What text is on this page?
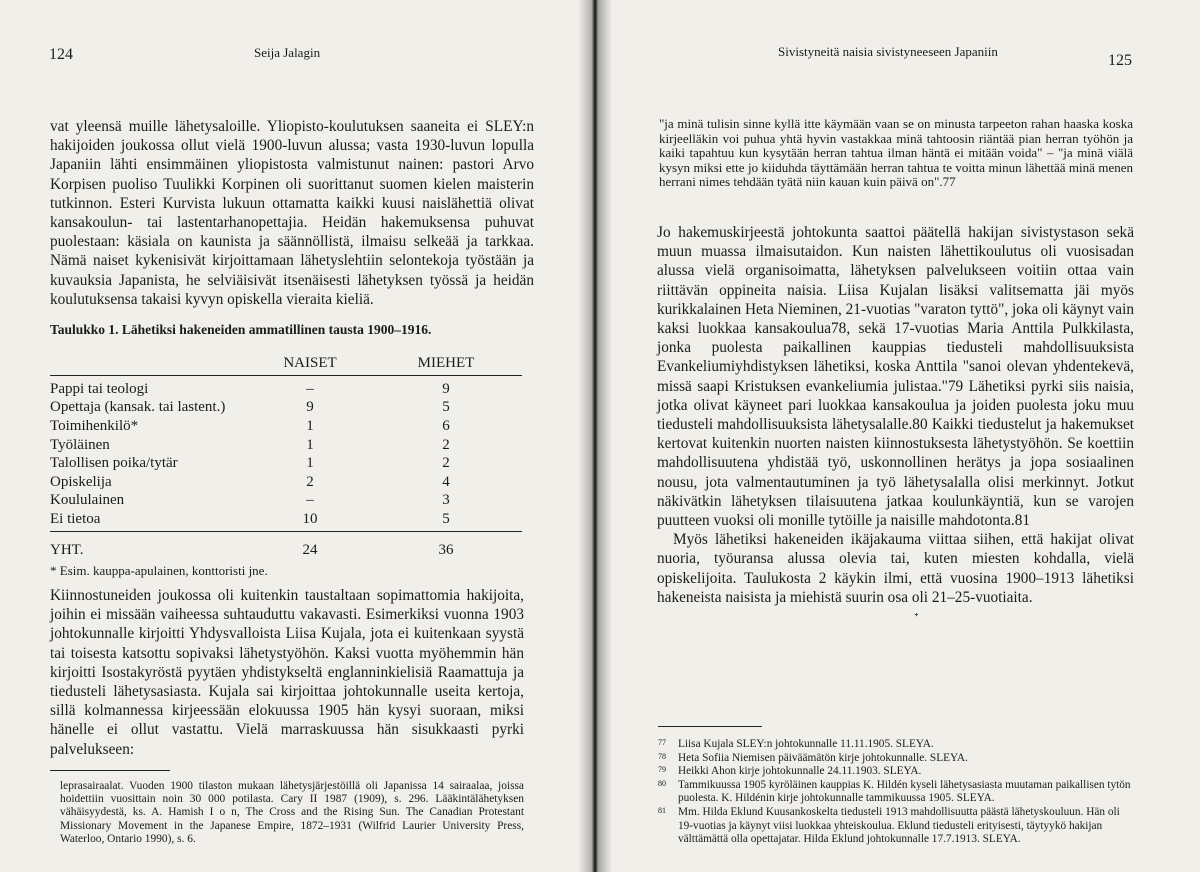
124	Seija Jalagin

vat yleensä muille lähetysaloille. Yliopisto-koulutuksen saaneita ei SLEY:n hakijoiden joukossa ollut vielä 1900-luvun alussa; vasta 1930-luvun lopulla Japaniin lähti ensimmäinen yliopistosta valmistunut nainen: pastori Arvo Korpisen puoliso Tuulikki Korpinen oli suorittanut suomen kielen maisterin tutkinnon. Esteri Kurvista lukuun ottamatta kaikki kuusi naislähettiä olivat kansakoulun- tai lastentarhanopettajia. Heidän hakemuksensa puhuvat puolestaan: käsiala on kaunista ja säännöllistä, ilmaisu selkeää ja tarkkaa. Nämä naiset kykenisivät kirjoittamaan lähetyslehtiin selontekoja työstään ja kuvauksia Japanista, he selviäisivät itsenäisesti lähetyksen työssä ja heidän koulutuksensa takaisi kyvyn opiskella vieraita kieliä.

Taulukko 1. Lähetiksi hakeneiden ammatillinen tausta 1900–1916.
	NAISET	MIEHET

Pappi tai teologi	–	9
Opettaja (kansak. tai lastent.)	9	5
Toimihenkilö*	1	6
Työläinen	1	2
Talollisen poika/tytär	1	2
Opiskelija	2	4
Koululainen	–	3
Ei tietoa	10	5

YHT.	24	36
* Esim. kauppa-apulainen, konttoristi jne.

Kiinnostuneiden joukossa oli kuitenkin taustaltaan sopimattomia hakijoita, joihin ei missään vaiheessa suhtauduttu vakavasti. Esimerkiksi vuonna 1903 johtokunnalle kirjoitti Yhdysvalloista Liisa Kujala, jota ei kuitenkaan syystä tai toisesta katsottu sopivaksi lähetystyöhön. Kaksi vuotta myöhemmin hän kirjoitti Isostakyröstä pyytäen yhdistykseltä englanninkielisiä Raamattuja ja tiedusteli lähetysasiasta. Kujala sai kirjoittaa johtokunnalle useita kertoja, sillä kolmannessa kirjeessään elokuussa 1905 hän kysyi suoraan, miksi hänelle ei ollut vastattu. Vielä marraskuussa hän sisukkaasti pyrki palvelukseen:

leprasairaalat. Vuoden 1900 tilaston mukaan lähetysjärjestöillä oli Japanissa 14 sairaalaa, joissa hoidettiin vuosittain noin 30 000 potilasta. Cary II 1987 (1909), s. 296. Lääkintälähetyksen vähäisyydestä, ks. A. Hamish I o n, The Cross and the Rising Sun. The Canadian Protestant Missionary Movement in the Japanese Empire, 1872–1931 (Wilfrid Laurier University Press, Waterloo, Ontario 1990), s. 6.
Sivistyneitä naisia sivistyneeseen Japaniin
125
"ja minä tulisin sinne kyllä itte käymään vaan se on minusta tarpeeton rahan haaska koska kirjeelläkin voi puhua yhtä hyvin vastakkaa minä tahtoosin riäntää pian herran työhön ja kaiki tapahtuu kun kysytään herran tahtua ilman häntä ei mitään voida" – "ja minä viälä kysyn miksi ette jo kiiduhda täyttämään herran tahtua te voitta minun lähettää minä menen herrani nimes tehdään tyätä niin kauan kuin päivä on".77

Jo hakemuskirjeestä johtokunta saattoi päätellä hakijan sivistystason sekä muun muassa ilmaisutaidon. Kun naisten lähettikoulutus oli vuosisadan alussa vielä organisoimatta, lähetyksen palvelukseen voitiin ottaa vain riittävän oppineita naisia. Liisa Kujalan lisäksi valitsematta jäi myös kurikkalainen Heta Nieminen, 21-vuotias "varaton tyttö", joka oli käynyt vain kaksi luokkaa kansakoulua78, sekä 17-vuotias Maria Anttila Pulkkilasta, jonka puolesta paikallinen kauppias tiedusteli mahdollisuuksista Evankeliumiyhdistyksen lähetiksi, koska Anttila "sanoi olevan yhdentekevä, missä saapi Kristuksen evankeliumia julistaa."79 Lähetiksi pyrki siis naisia, jotka olivat käyneet pari luokkaa kansakoulua ja joiden puolesta joku muu tiedusteli mahdollisuuksista lähetysalalle.80 Kaikki tiedustelut ja hakemukset kertovat kuitenkin nuorten naisten kiinnostuksesta lähetystyöhön. Se koettiin mahdollisuutena yhdistää työ, uskonnollinen herätys ja jopa sosiaalinen nousu, jota valmentautuminen ja työ lähetysalalla olisi merkinnyt. Jotkut näkivätkin lähetyksen tilaisuutena jatkaa koulunkäyntiä, kun se varojen puutteen vuoksi oli monille tytöille ja naisille mahdotonta.81

Myös lähetiksi hakeneiden ikäjakauma viittaa siihen, että hakijat olivat nuoria, työuransa alussa olevia tai, kuten miesten kohdalla, vielä opiskelijoita. Taulukosta 2 käykin ilmi, että vuosina 1900–1913 lähetiksi hakeneista naisista ja miehistä suurin osa oli 21–25-vuotiaita.

ᐩ
77 Liisa Kujala SLEY:n johtokunnalle 11.11.1905. SLEYA.
78 Heta Sofiia Niemisen päiväämätön kirje johtokunnalle. SLEYA.
79 Heikki Ahon kirje johtokunnalle 24.11.1903. SLEYA.
80 Tammikuussa 1905 kyröläinen kauppias K. Hildén kyseli lähetysasiasta muutaman paikallisen tytön puolesta. K. Hildénin kirje johtokunnalle tammikuussa 1905. SLEYA.
81 Mm. Hilda Eklund Kuusankoskelta tiedusteli 1913 mahdollisuutta päästä lähetyskouluun. Hän oli 19-vuotias ja käynyt viisi luokkaa yhteiskoulua. Eklund tiedusteli erityisesti, täytyykö hakijan välttämättä olla opettajatar. Hilda Eklund johtokunnalle 17.7.1913. SLEYA.
